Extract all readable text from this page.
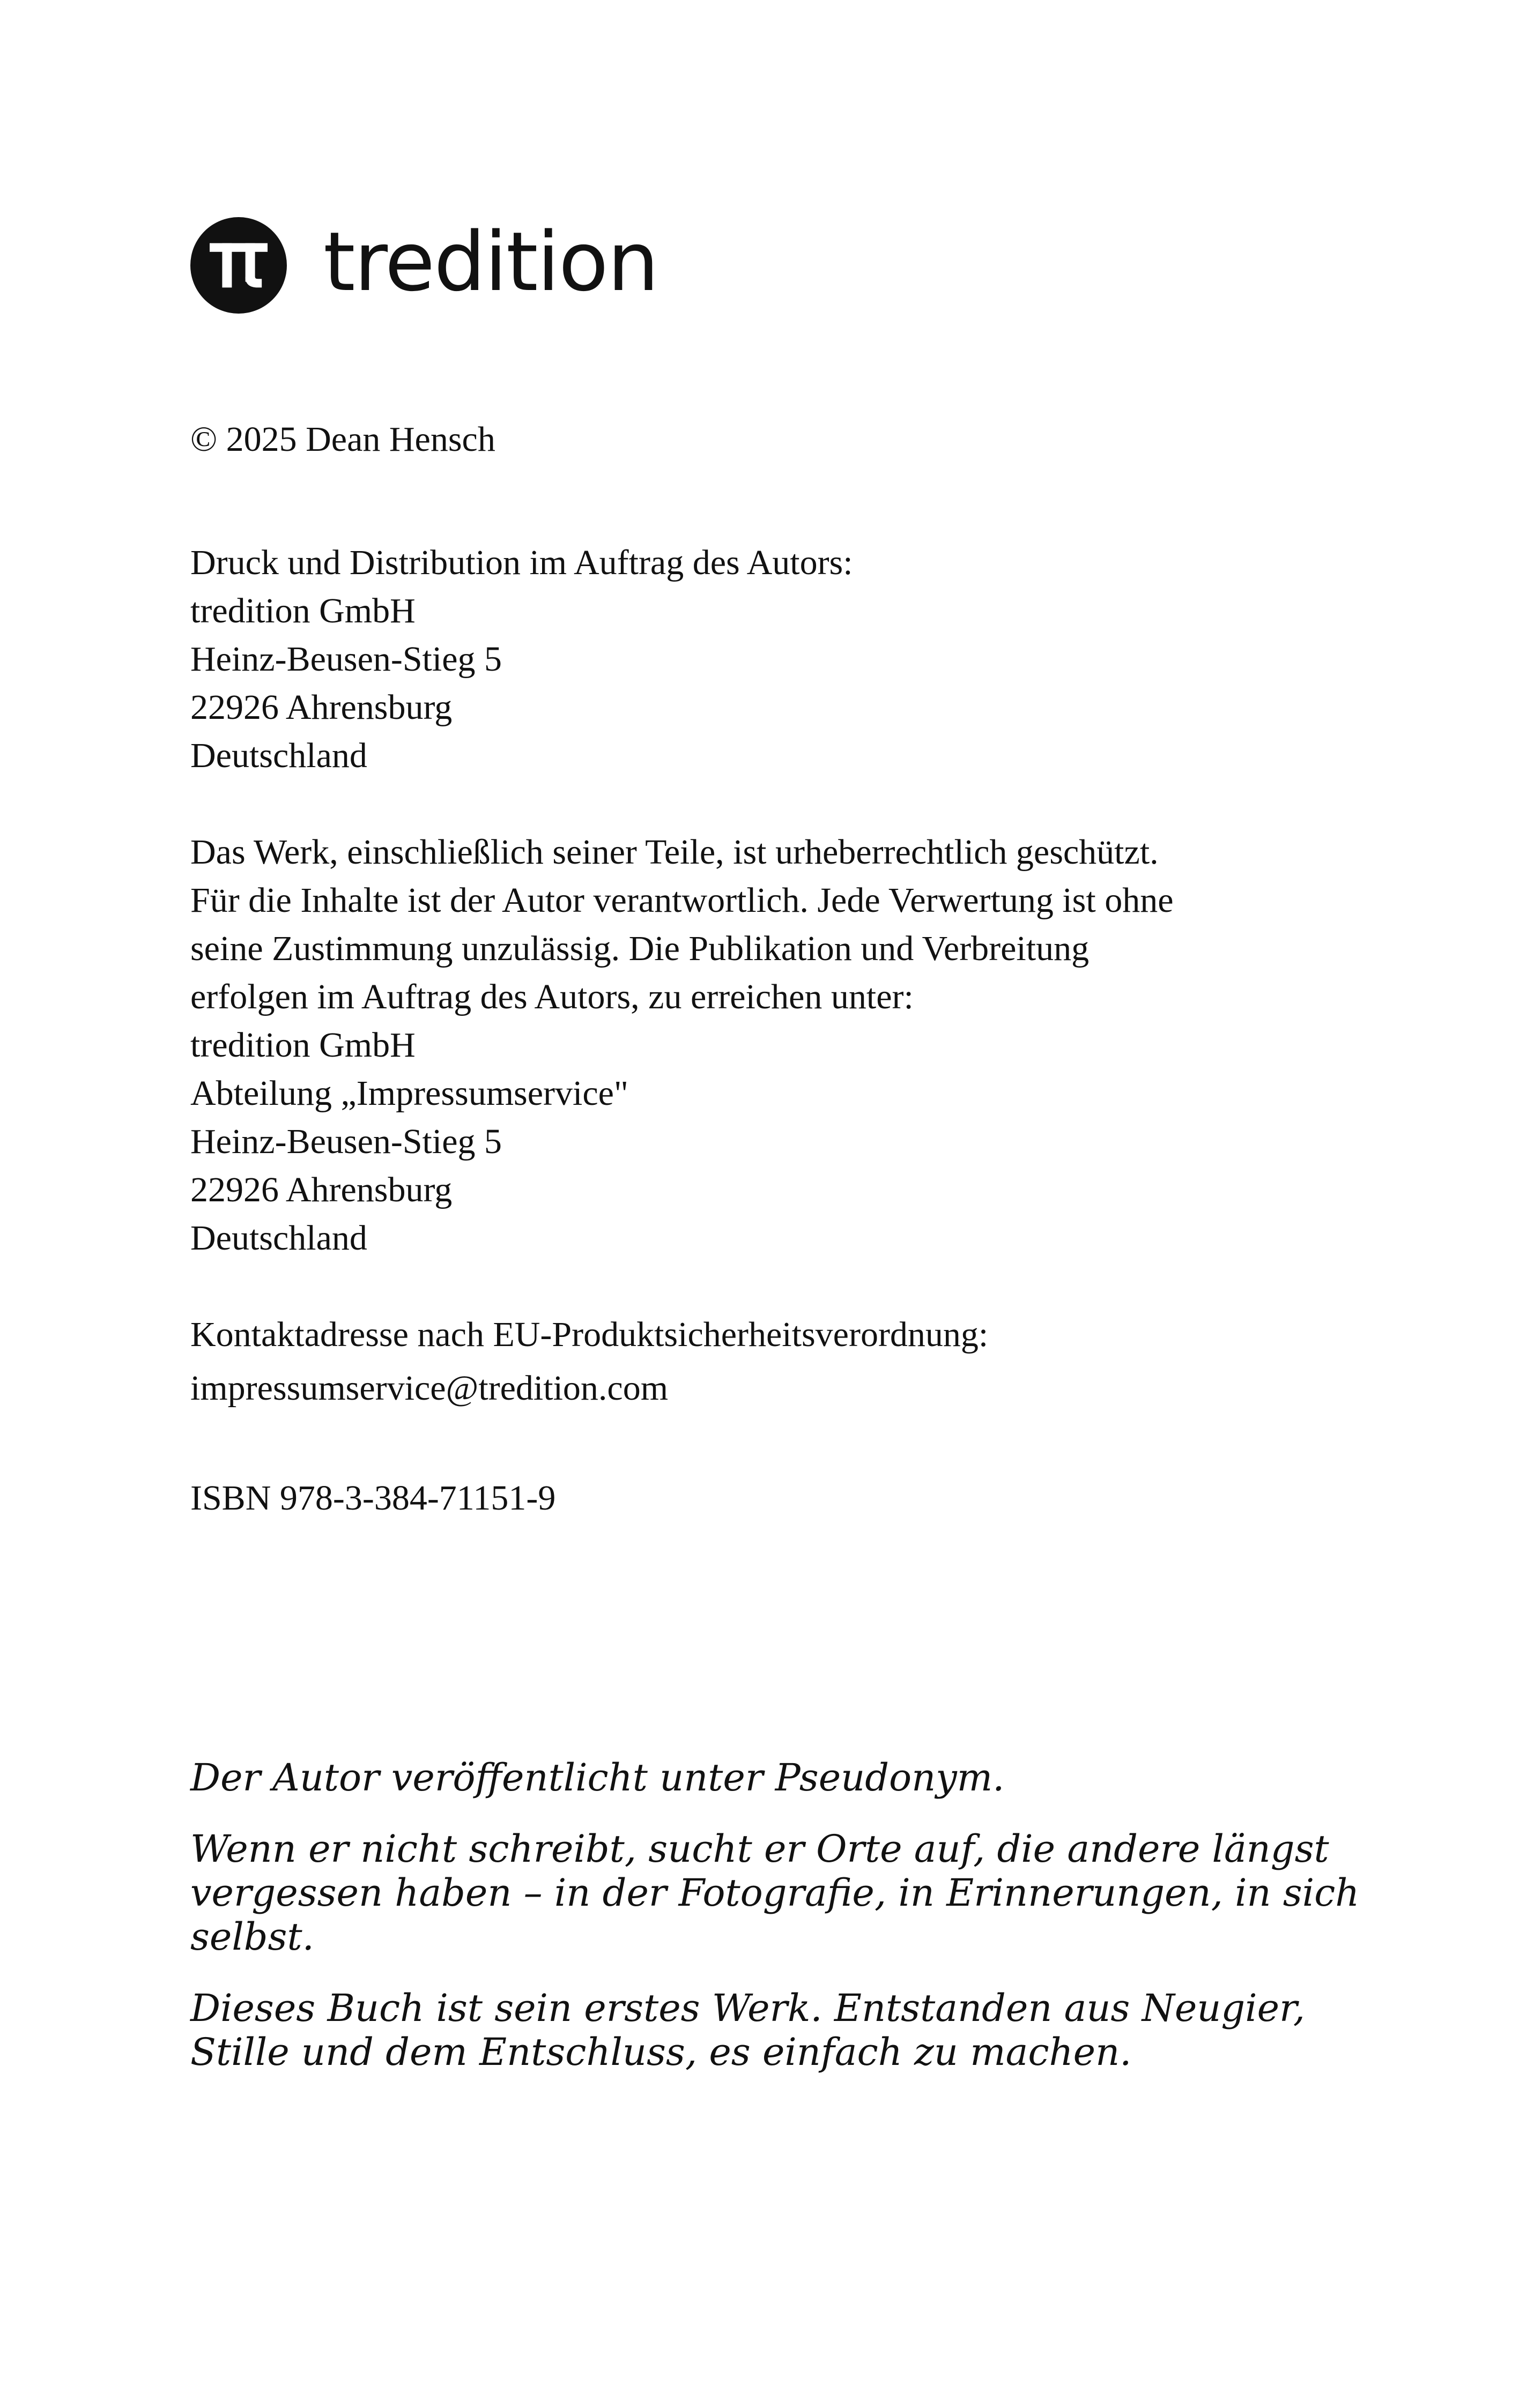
tredition
© 2025 Dean Hensch
Druck und Distribution im Auftrag des Autors:
tredition GmbH
Heinz-Beusen-Stieg 5
22926 Ahrensburg
Deutschland
Das Werk, einschließlich seiner Teile, ist urheberrechtlich geschützt.
Für die Inhalte ist der Autor verantwortlich. Jede Verwertung ist ohne
seine Zustimmung unzulässig. Die Publikation und Verbreitung
erfolgen im Auftrag des Autors, zu erreichen unter:
tredition GmbH
Abteilung „Impressumservice"
Heinz-Beusen-Stieg 5
22926 Ahrensburg
Deutschland
Kontaktadresse nach EU-Produktsicherheitsverordnung:
impressumservice@tredition.com
ISBN 978-3-384-71151-9
Der Autor veröffentlicht unter Pseudonym.
Wenn er nicht schreibt, sucht er Orte auf, die andere längst
vergessen haben – in der Fotografie, in Erinnerungen, in sich
selbst.
Dieses Buch ist sein erstes Werk. Entstanden aus Neugier,
Stille und dem Entschluss, es einfach zu machen.
